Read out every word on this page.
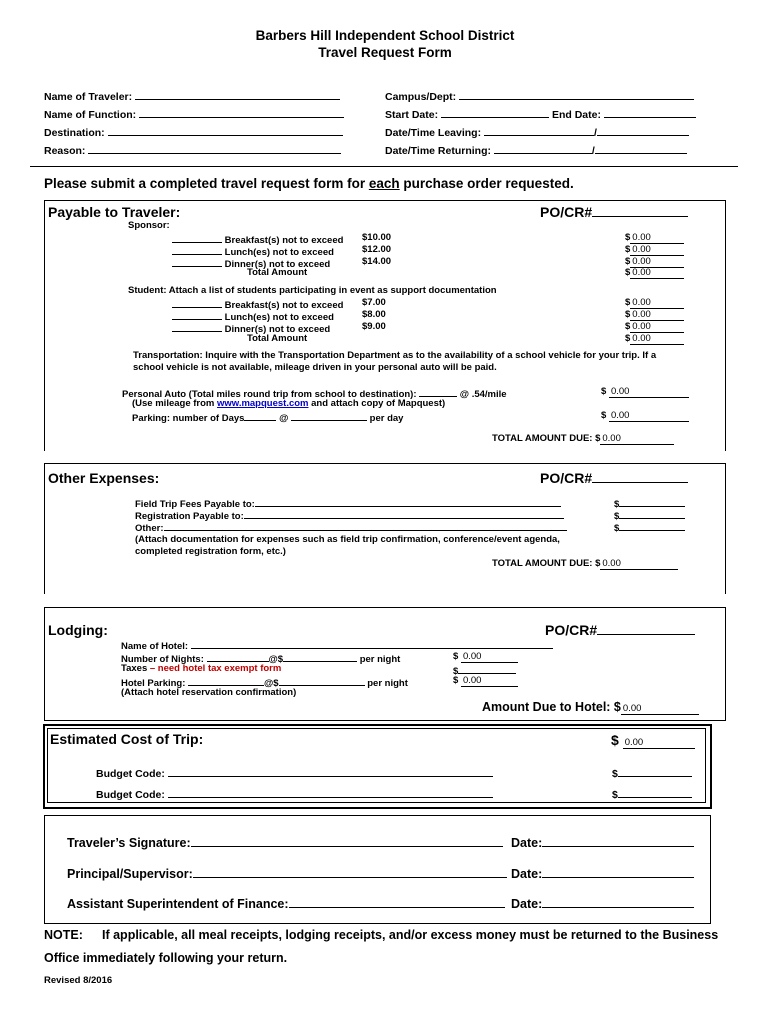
Barbers Hill Independent School District
Travel Request Form
Name of Traveler:	Campus/Dept:
Name of Function:	Start Date:	End Date:
Destination:	Date/Time Leaving:	/
Reason:	Date/Time Returning:	/
Please submit a completed travel request form for each purchase order requested.
Payable to Traveler:	PO/CR#
Sponsor:
Breakfast(s) not to exceed $10.00	$ 0.00
Lunch(es) not to exceed	$12.00	$ 0.00
Dinner(s) not to exceed	$14.00	$ 0.00
Total Amount	$ 0.00
Student: Attach a list of students participating in event as support documentation
Breakfast(s) not to exceed $7.00	$ 0.00
Lunch(es) not to exceed	$8.00	$ 0.00
Dinner(s) not to exceed	$9.00	$ 0.00
Total Amount	$ 0.00
Transportation: Inquire with the Transportation Department as to the availability of a school vehicle for your trip. If a
school vehicle is not available, mileage driven in your personal auto will be paid.
Personal Auto (Total miles round trip from school to destination):	@ .54/mile	$ 0.00
(Use mileage from www.mapquest.com and attach copy of Mapquest)
Parking: number of Days	@	per day	$ 0.00
TOTAL AMOUNT DUE: $ 0.00
Other Expenses:	PO/CR#
Field Trip Fees Payable to:	$
Registration Payable to:	$
Other:	$
(Attach documentation for expenses such as field trip confirmation, conference/event agenda,
completed registration form, etc.)
TOTAL AMOUNT DUE: $ 0.00
Lodging:	PO/CR#
Name of Hotel:
Number of Nights:	@$	per night	$ 0.00
Taxes – need hotel tax exempt form	$
Hotel Parking:	@$	per night	$ 0.00
(Attach hotel reservation confirmation)
Amount Due to Hotel: $ 0.00
Estimated Cost of Trip:	$ 0.00
Budget Code:	$
Budget Code:	$
Traveler’s Signature:	Date:
Principal/Supervisor:	Date:
Assistant Superintendent of Finance:	Date:
NOTE: If applicable, all meal receipts, lodging receipts, and/or excess money must be returned to the Business
Office immediately following your return.
Revised 8/2016
